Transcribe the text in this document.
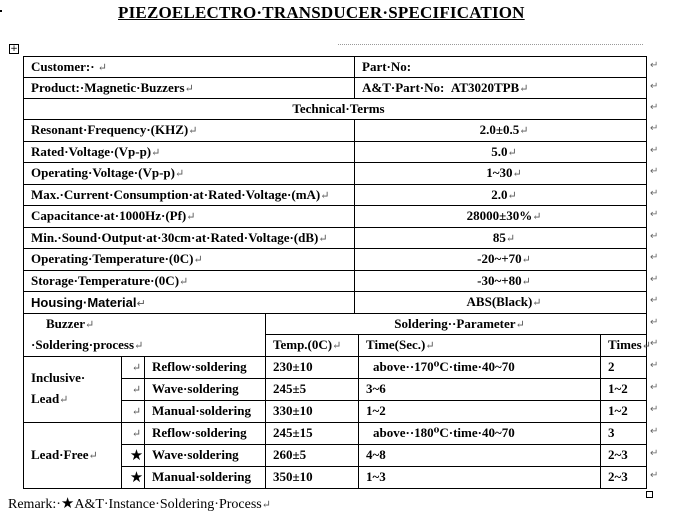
PIEZOELECTRO·TRANSDUCER·SPECIFICATION
+
Customer:· ↵				Part·No:		
Product:·Magnetic·Buzzers↵				A&T·Part·No: AT3020TPB↵		
Technical·Terms						
Resonant·Frequency·(KHZ)↵				2.0±0.5↵		
Rated·Voltage·(Vp-p)↵				5.0↵		
Operating·Voltage·(Vp-p)↵				1~30↵		
Max.·Current·Consumption·at·Rated·Voltage·(mA)↵				2.0↵		
Capacitance·at·1000Hz·(Pf)↵				28000±30%↵		
Min.·Sound·Output·at·30cm·at·Rated·Voltage·(dB)↵				85↵		
Operating·Temperature·(0C)↵				-20~+70↵		
Storage·Temperature·(0C)↵				-30~+80↵		
Housing·Material↵				ABS(Black)↵		
Buzzer↵			Soldering··Parameter↵			
·Soldering·process↵			Temp.(0C)↵		Time(Sec.)↵	Times↵
Inclusive·
Lead↵	↵	Reflow·soldering	230±10		above··170⁰C·time·40~70	2
	↵	Wave·soldering	245±5		3~6	1~2
	↵	Manual·soldering	330±10		1~2	1~2
Lead·Free↵	↵	Reflow·soldering	245±15		above··180⁰C·time·40~70	3
	★	Wave·soldering	260±5		4~8	2~3
	★	Manual·soldering	350±10		1~3	2~3
Remark:·★A&T·Instance·Soldering·Process↵
↵
↵
↵
↵
↵
↵
↵
↵
↵
↵
↵
↵
↵
↵
↵
↵
↵
↵
↵
↵
